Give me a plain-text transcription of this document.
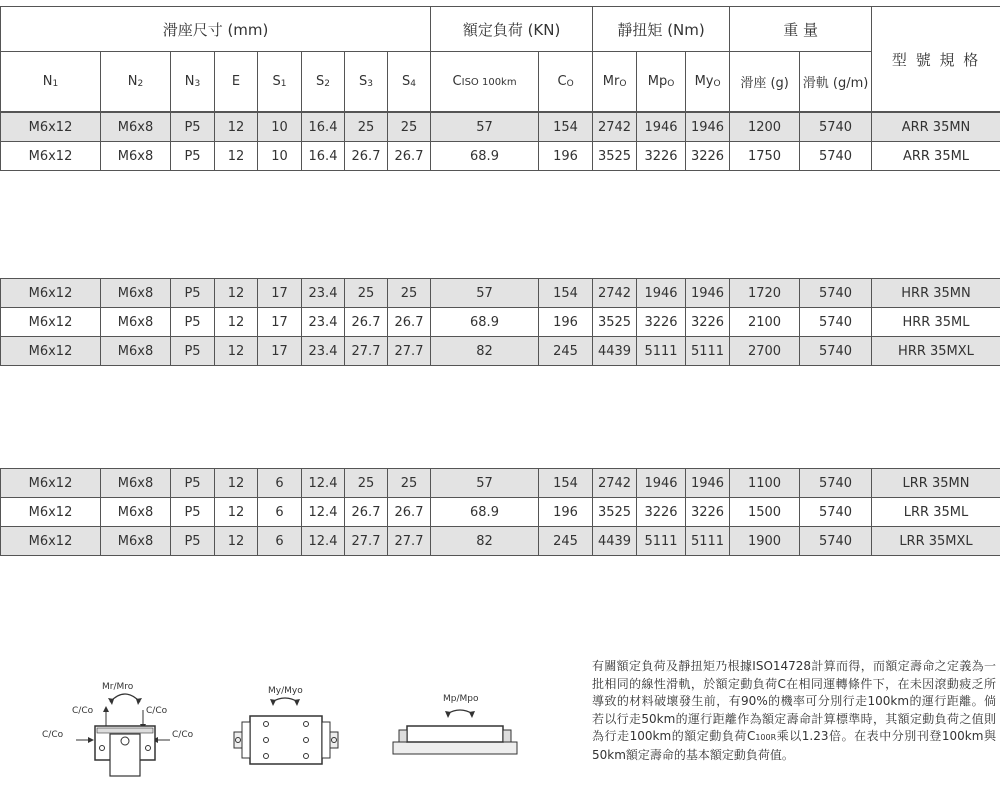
滑座尺寸 (mm)								額定負荷 (KN)		靜扭矩 (Nm)			重 量		型 號 規 格
$N_1$	$N_2$	$N_3$	E	$S_1$	$S_2$	$S_3$	$S_4$	CISO 100km	$C_O$	$Mr_O$	$Mp_O$	$My_O$	滑座 (g)	滑軌 (g/m)	
M6x12	M6x8	P5	12	10	16.4	25	25	57	154	2742	1946	1946	1200	5740	ARR 35MN
M6x12	M6x8	P5	12	10	16.4	26.7	26.7	68.9	196	3525	3226	3226	1750	5740	ARR 35ML
M6x12	M6x8	P5	12	17	23.4	25	25	57	154	2742	1946	1946	1720	5740	HRR 35MN
M6x12	M6x8	P5	12	17	23.4	26.7	26.7	68.9	196	3525	3226	3226	2100	5740	HRR 35ML
M6x12	M6x8	P5	12	17	23.4	27.7	27.7	82	245	4439	5111	5111	2700	5740	HRR 35MXL
M6x12	M6x8	P5	12	6	12.4	25	25	57	154	2742	1946	1946	1100	5740	LRR 35MN
M6x12	M6x8	P5	12	6	12.4	26.7	26.7	68.9	196	3525	3226	3226	1500	5740	LRR 35ML
M6x12	M6x8	P5	12	6	12.4	27.7	27.7	82	245	4439	5111	5111	1900	5740	LRR 35MXL
Mr/Mro
C/Co	C/Co
C/Co	C/Co
My/Myo
Mp/Mpo
有關額定負荷及靜扭矩乃根據ISO14728計算而得，而額定壽命之定義為一批相同的線性滑軌，於額定動負荷C在相同運轉條件下，在未因滾動疲乏所導致的材料破壞發生前，有90%的機率可分別行走100km的運行距離。倘若以行走50km的運行距離作為額定壽命計算標準時，其額定動負荷之值則為行走100km的額定動負荷C100R乘以1.23倍。在表中分別刊登100km與50km額定壽命的基本額定動負荷值。
